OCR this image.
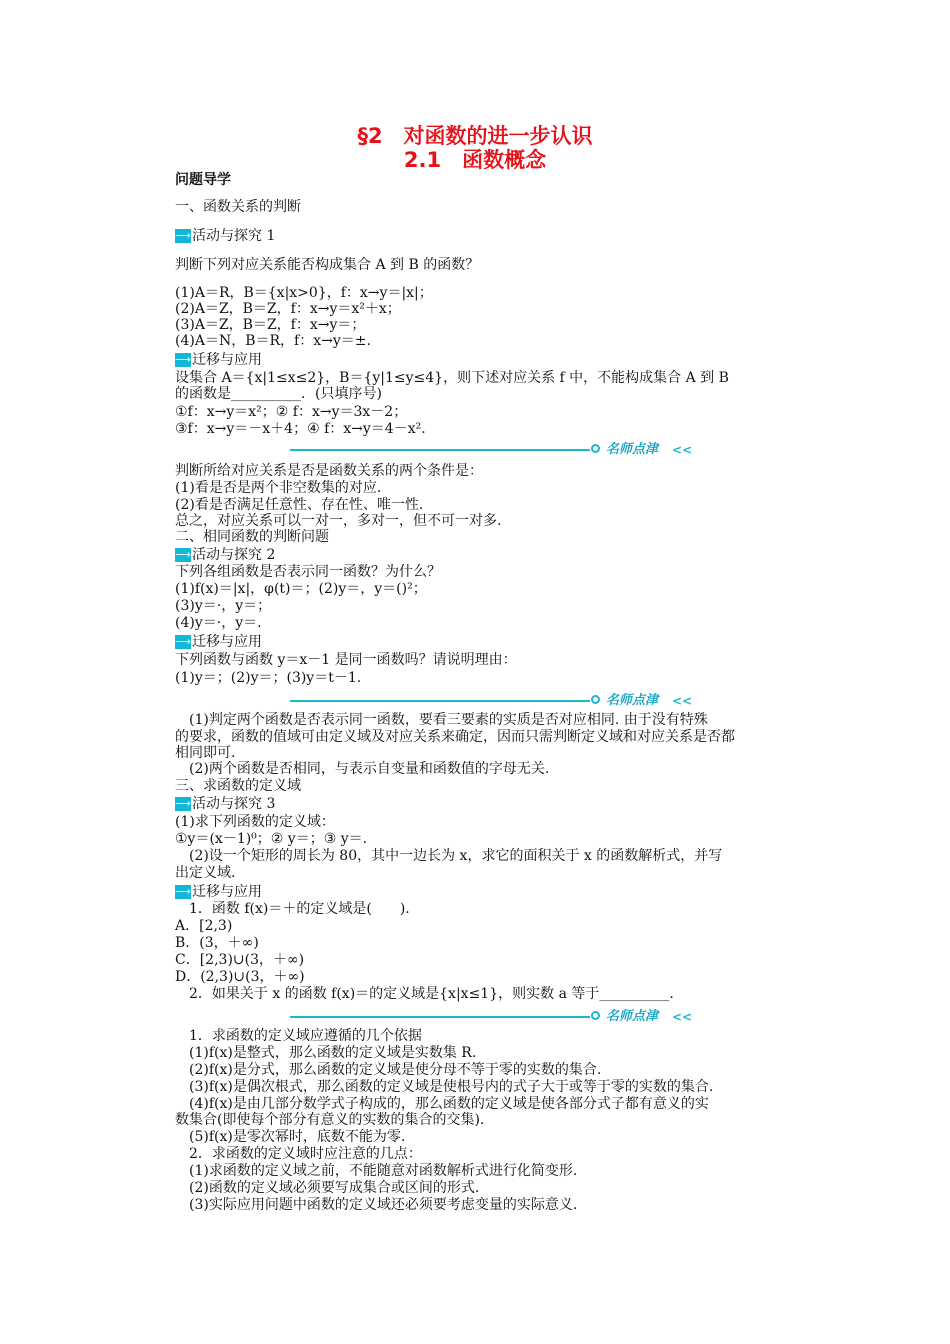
§2　对函数的进一步认识
2.1　函数概念
问题导学
一、函数关系的判断
⟶活动与探究 1
判断下列对应关系能否构成集合 A 到 B 的函数？
(1)A＝R，B＝{x|x>0}，f：x→y＝|x|；
(2)A＝Z，B＝Z，f：x→y＝x²＋x；
(3)A＝Z，B＝Z，f：x→y＝；
(4)A＝N，B＝R，f：x→y＝±.
⟶迁移与应用
设集合 A＝{x|1≤x≤2}，B＝{y|1≤y≤4}，则下述对应关系 f 中，不能构成集合 A 到 B
的函数是__________．(只填序号)
①f：x→y＝x²；② f：x→y＝3x－2；
③f：x→y＝－x＋4；④ f：x→y＝4－x².
名师点津 <<
判断所给对应关系是否是函数关系的两个条件是：
(1)看是否是两个非空数集的对应.
(2)看是否满足任意性、存在性、唯一性.
总之，对应关系可以一对一，多对一，但不可一对多.
二、相同函数的判断问题
⟶活动与探究 2
下列各组函数是否表示同一函数？为什么？
(1)f(x)＝|x|，φ(t)＝；(2)y＝，y＝()²；
(3)y＝·，y＝；
(4)y＝·，y＝.
⟶迁移与应用
下列函数与函数 y＝x－1 是同一函数吗？请说明理由：
(1)y＝；(2)y＝；(3)y＝t－1.
名师点津 <<
　(1)判定两个函数是否表示同一函数，要看三要素的实质是否对应相同. 由于没有特殊
的要求，函数的值域可由定义域及对应关系来确定，因而只需判断定义域和对应关系是否都
相同即可.
　(2)两个函数是否相同，与表示自变量和函数值的字母无关.
三、求函数的定义域
⟶活动与探究 3
(1)求下列函数的定义域：
①y＝(x－1)⁰；② y＝；③ y＝.
　(2)设一个矩形的周长为 80，其中一边长为 x，求它的面积关于 x 的函数解析式，并写
出定义域.
⟶迁移与应用
　1．函数 f(x)＝＋的定义域是(　　).
A．[2,3)
B．(3，＋∞)
C．[2,3)∪(3，＋∞)
D．(2,3)∪(3，＋∞)
　2．如果关于 x 的函数 f(x)＝的定义域是{x|x≤1}，则实数 a 等于__________.
名师点津 <<
　1．求函数的定义域应遵循的几个依据
　(1)f(x)是整式，那么函数的定义域是实数集 R.
　(2)f(x)是分式，那么函数的定义域是使分母不等于零的实数的集合.
　(3)f(x)是偶次根式，那么函数的定义域是使根号内的式子大于或等于零的实数的集合.
　(4)f(x)是由几部分数学式子构成的，那么函数的定义域是使各部分式子都有意义的实
数集合(即使每个部分有意义的实数的集合的交集).
　(5)f(x)是零次幂时，底数不能为零.
　2．求函数的定义域时应注意的几点：
　(1)求函数的定义域之前，不能随意对函数解析式进行化简变形.
　(2)函数的定义域必须要写成集合或区间的形式.
　(3)实际应用问题中函数的定义域还必须要考虑变量的实际意义.
